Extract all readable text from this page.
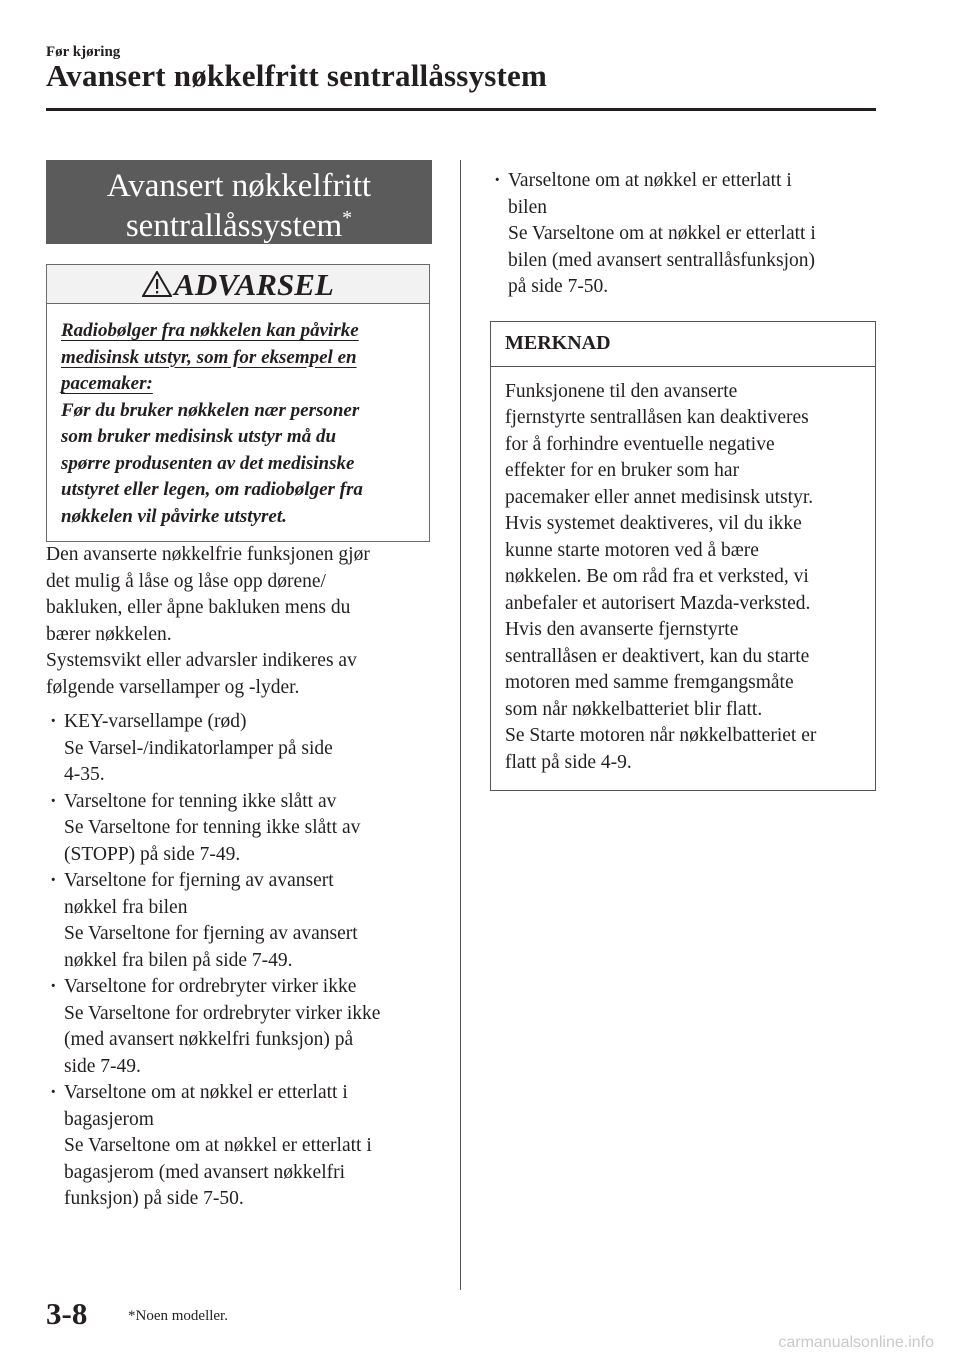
Før kjøring
Avansert nøkkelfritt sentrallåssystem
Avansert nøkkelfritt
sentrallåssystem*
ADVARSEL
Radiobølger fra nøkkelen kan påvirke
medisinsk utstyr, som for eksempel en
pacemaker:
Før du bruker nøkkelen nær personer
som bruker medisinsk utstyr må du
spørre produsenten av det medisinske
utstyret eller legen, om radiobølger fra
nøkkelen vil påvirke utstyret.

Den avanserte nøkkelfrie funksjonen gjør
det mulig å låse og låse opp dørene/
bakluken, eller åpne bakluken mens du
bærer nøkkelen.

Systemsvikt eller advarsler indikeres av
følgende varsellamper og -lyder.

· KEY-varsellampe (rød)
Se Varsel-/indikatorlamper på side
4-35.
· Varseltone for tenning ikke slått av
Se Varseltone for tenning ikke slått av
(STOPP) på side 7-49.
· Varseltone for fjerning av avansert
nøkkel fra bilen
Se Varseltone for fjerning av avansert
nøkkel fra bilen på side 7-49.
· Varseltone for ordrebryter virker ikke
Se Varseltone for ordrebryter virker ikke
(med avansert nøkkelfri funksjon) på
side 7-49.
· Varseltone om at nøkkel er etterlatt i
bagasjerom
Se Varseltone om at nøkkel er etterlatt i
bagasjerom (med avansert nøkkelfri
funksjon) på side 7-50.
· Varseltone om at nøkkel er etterlatt i
bilen
Se Varseltone om at nøkkel er etterlatt i
bilen (med avansert sentrallåsfunksjon)
på side 7-50.
MERKNAD
Funksjonene til den avanserte
fjernstyrte sentrallåsen kan deaktiveres
for å forhindre eventuelle negative
effekter for en bruker som har
pacemaker eller annet medisinsk utstyr.
Hvis systemet deaktiveres, vil du ikke
kunne starte motoren ved å bære
nøkkelen. Be om råd fra et verksted, vi
anbefaler et autorisert Mazda-verksted.
Hvis den avanserte fjernstyrte
sentrallåsen er deaktivert, kan du starte
motoren med samme fremgangsmåte
som når nøkkelbatteriet blir flatt.
Se Starte motoren når nøkkelbatteriet er
flatt på side 4-9.
3-8	*Noen modeller.
carmanualsonline.info
